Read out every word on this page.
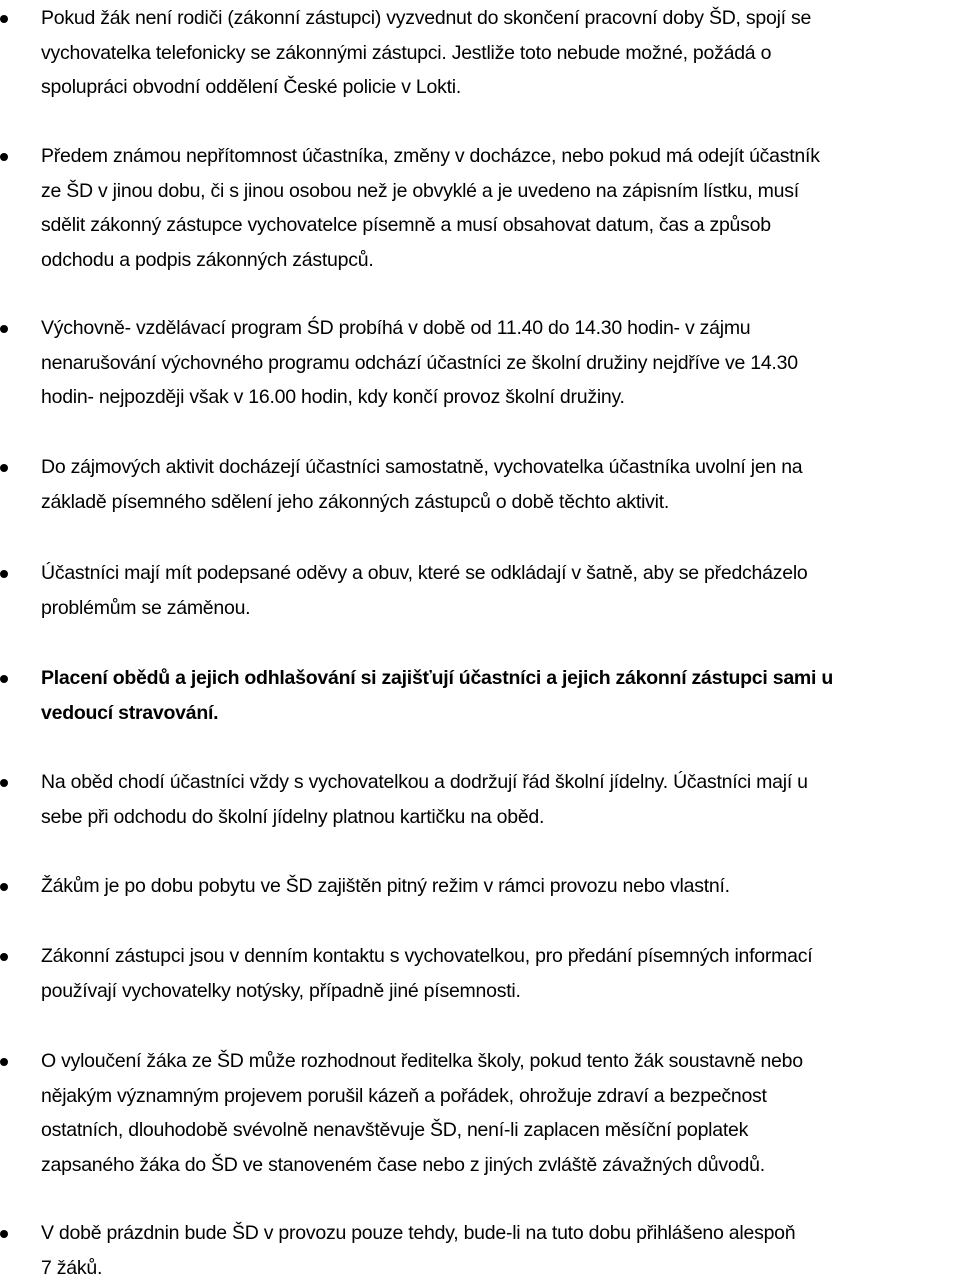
Pokud žák není rodiči (zákonní zástupci) vyzvednut do skončení pracovní doby ŠD, spojí se
vychovatelka telefonicky se zákonnými zástupci. Jestliže toto nebude možné, požádá o
spolupráci obvodní oddělení České policie v Lokti.
Předem známou nepřítomnost účastníka, změny v docházce, nebo pokud má odejít účastník
ze ŠD v jinou dobu, či s jinou osobou než je obvyklé a je uvedeno na zápisním lístku, musí
sdělit zákonný zástupce vychovatelce písemně a musí obsahovat datum, čas a způsob
odchodu a podpis zákonných zástupců.
Výchovně- vzdělávací program ŚD probíhá v době od 11.40 do 14.30 hodin- v zájmu
nenarušování výchovného programu odchází účastníci ze školní družiny nejdříve ve 14.30
hodin- nejpozději však v 16.00 hodin, kdy končí provoz školní družiny.
Do zájmových aktivit docházejí účastníci samostatně, vychovatelka účastníka uvolní jen na
základě písemného sdělení jeho zákonných zástupců o době těchto aktivit.
Účastníci mají mít podepsané oděvy a obuv, které se odkládají v šatně, aby se předcházelo
problémům se záměnou.
Placení obědů a jejich odhlašování si zajišťují účastníci a jejich zákonní zástupci sami u
vedoucí stravování.
Na oběd chodí účastníci vždy s vychovatelkou a dodržují řád školní jídelny. Účastníci mají u
sebe při odchodu do školní jídelny platnou kartičku na oběd.
Žákům je po dobu pobytu ve ŠD zajištěn pitný režim v rámci provozu nebo vlastní.
Zákonní zástupci jsou v denním kontaktu s vychovatelkou, pro předání písemných informací
používají vychovatelky notýsky, případně jiné písemnosti.
O vyloučení žáka ze ŠD může rozhodnout ředitelka školy, pokud tento žák soustavně nebo
nějakým významným projevem porušil kázeň a pořádek, ohrožuje zdraví a bezpečnost
ostatních, dlouhodobě svévolně nenavštěvuje ŠD, není-li zaplacen měsíční poplatek
zapsaného žáka do ŠD ve stanoveném čase nebo z jiných zvláště závažných důvodů.
V době prázdnin bude ŠD v provozu pouze tehdy, bude-li na tuto dobu přihlášeno alespoň
7 žáků.
